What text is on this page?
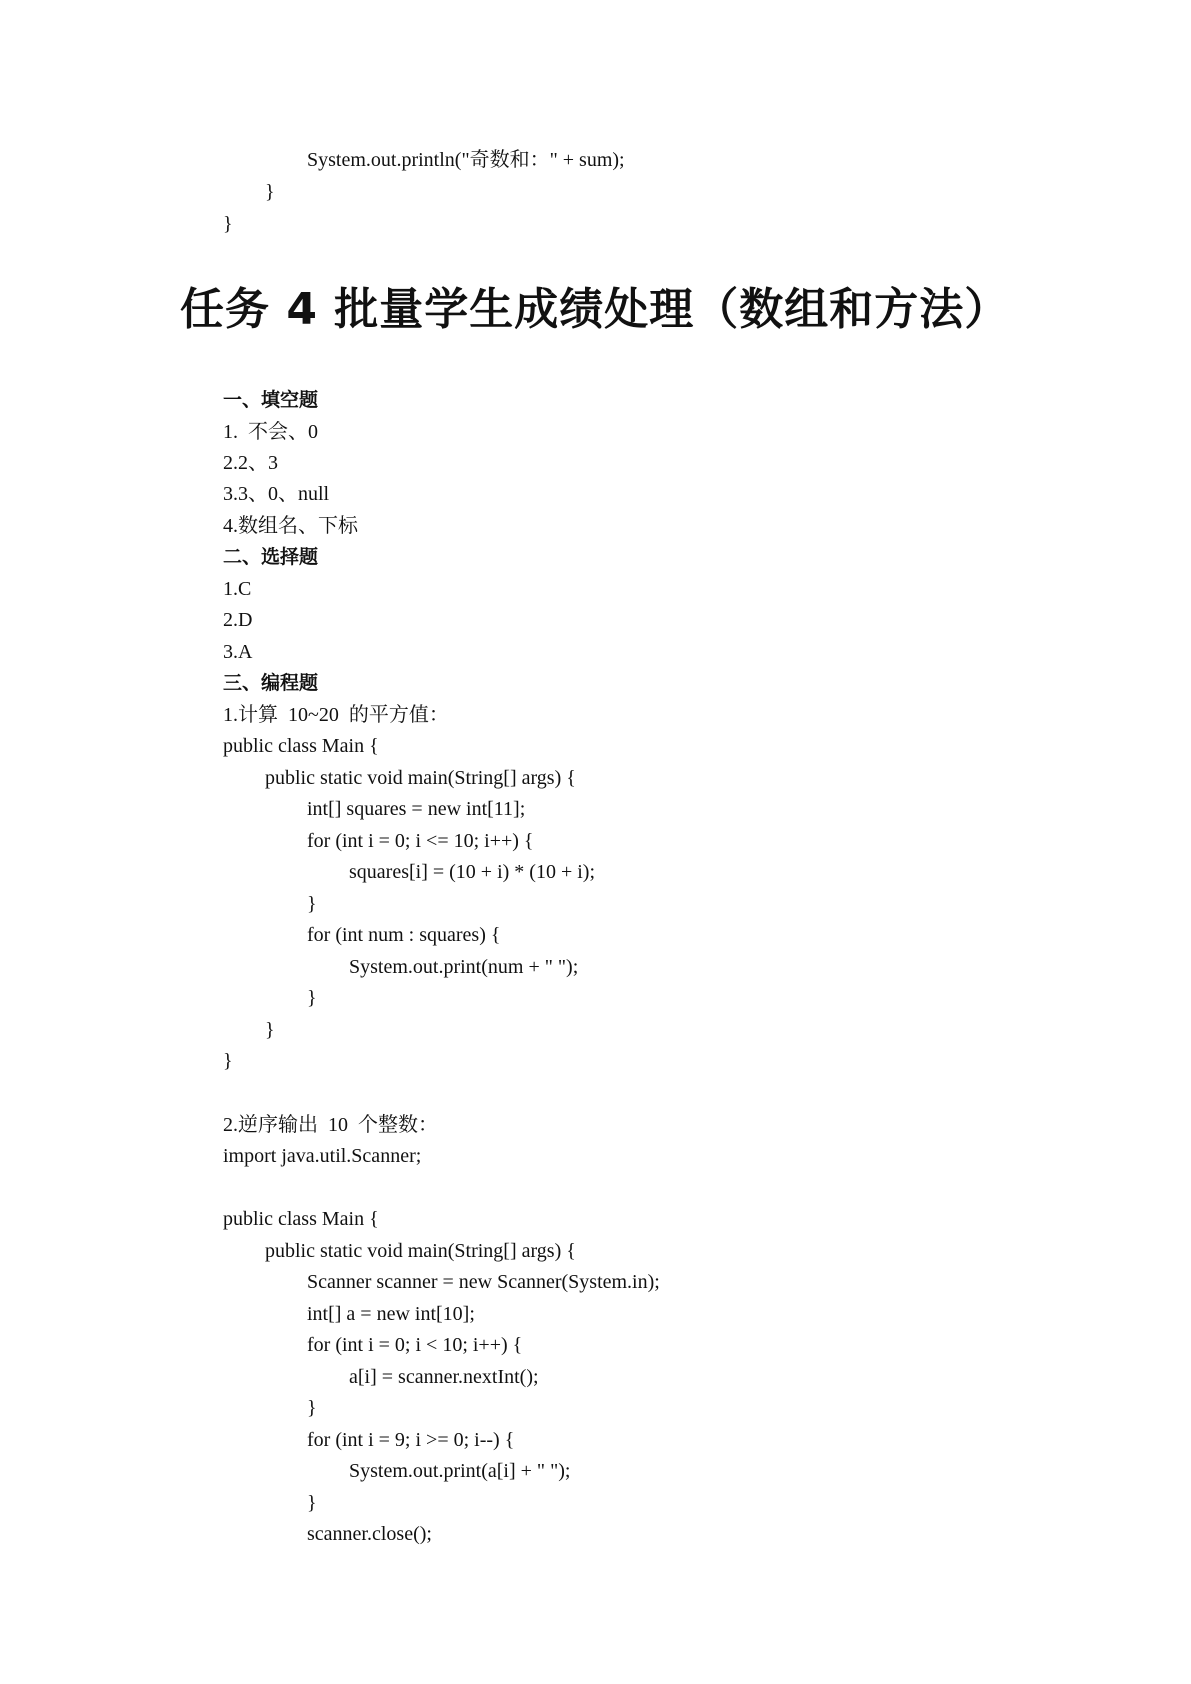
System.out.println("奇数和：" + sum);
}
}
任务 4 批量学生成绩处理（数组和方法）
一、填空题
1.  不会、0
2.2、3
3.3、0、null
4.数组名、下标
二、选择题
1.C
2.D
3.A
三、编程题
1.计算  10~20  的平方值：
public class Main {
public static void main(String[] args) {
int[] squares = new int[11];
for (int i = 0; i <= 10; i++) {
squares[i] = (10 + i) * (10 + i);
}
for (int num : squares) {
System.out.print(num + " ");
}
}
}
2.逆序输出  10  个整数：
import java.util.Scanner;
public class Main {
public static void main(String[] args) {
Scanner scanner = new Scanner(System.in);
int[] a = new int[10];
for (int i = 0; i < 10; i++) {
a[i] = scanner.nextInt();
}
for (int i = 9; i >= 0; i--) {
System.out.print(a[i] + " ");
}
scanner.close();
